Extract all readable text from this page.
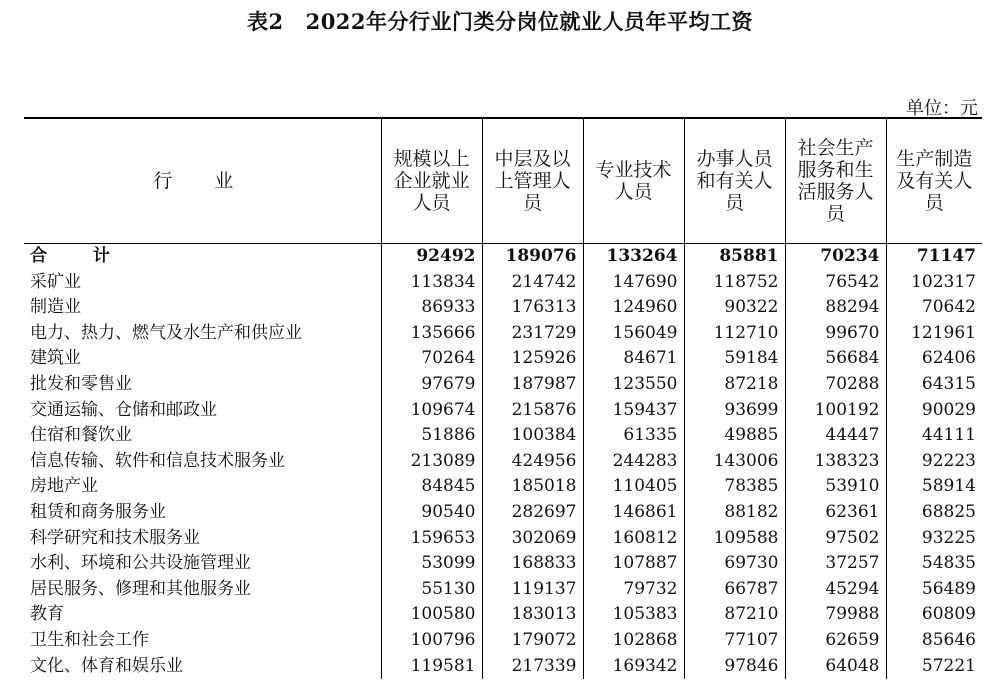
表2 2022年分行业门类分岗位就业人员年平均工资
单位：元
行 业	规模以上企业就业人员	中层及以上管理人员	专业技术人员	办事人员和有关人员	社会生产服务和生活服务人员	生产制造及有关人员
合 计	92492	189076	133264	85881	70234	71147
采矿业	113834	214742	147690	118752	76542	102317
制造业	86933	176313	124960	90322	88294	70642
电力、热力、燃气及水生产和供应业	135666	231729	156049	112710	99670	121961
建筑业	70264	125926	84671	59184	56684	62406
批发和零售业	97679	187987	123550	87218	70288	64315
交通运输、仓储和邮政业	109674	215876	159437	93699	100192	90029
住宿和餐饮业	51886	100384	61335	49885	44447	44111
信息传输、软件和信息技术服务业	213089	424956	244283	143006	138323	92223
房地产业	84845	185018	110405	78385	53910	58914
租赁和商务服务业	90540	282697	146861	88182	62361	68825
科学研究和技术服务业	159653	302069	160812	109588	97502	93225
水利、环境和公共设施管理业	53099	168833	107887	69730	37257	54835
居民服务、修理和其他服务业	55130	119137	79732	66787	45294	56489
教育	100580	183013	105383	87210	79988	60809
卫生和社会工作	100796	179072	102868	77107	62659	85646
文化、体育和娱乐业	119581	217339	169342	97846	64048	57221
